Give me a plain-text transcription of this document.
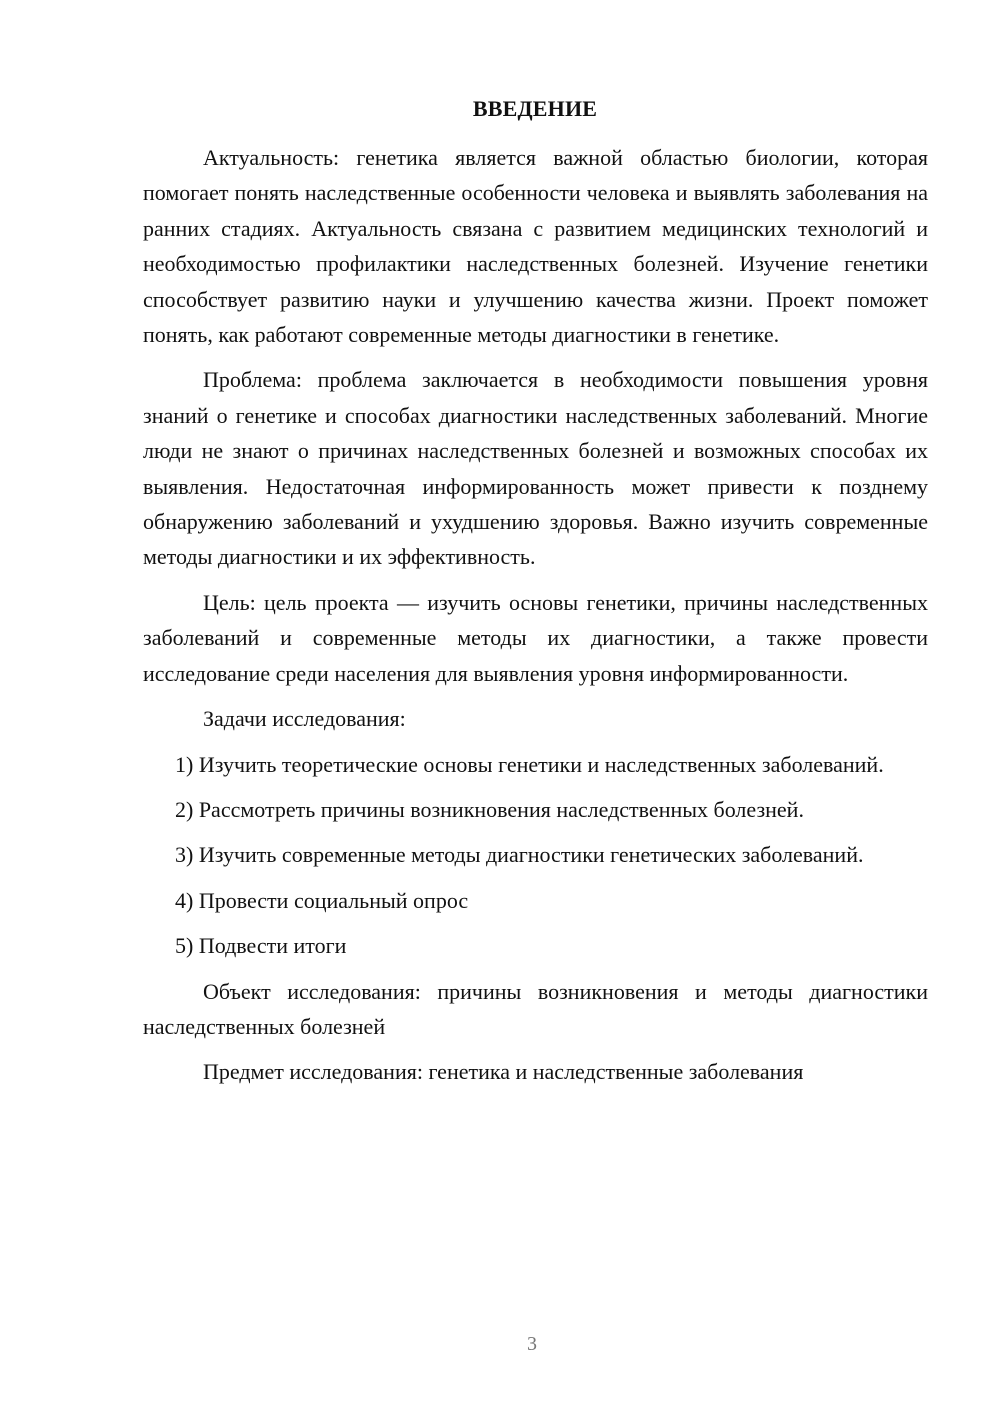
ВВЕДЕНИЕ

Актуальность: генетика является важной областью биологии, которая помогает понять наследственные особенности человека и выявлять заболевания на ранних стадиях. Актуальность связана с развитием медицинских технологий и необходимостью профилактики наследственных болезней. Изучение генетики способствует развитию науки и улучшению качества жизни. Проект поможет понять, как работают современные методы диагностики в генетике.

Проблема: проблема заключается в необходимости повышения уровня знаний о генетике и способах диагностики наследственных заболеваний. Многие люди не знают о причинах наследственных болезней и возможных способах их выявления. Недостаточная информированность может привести к позднему обнаружению заболеваний и ухудшению здоровья. Важно изучить современные методы диагностики и их эффективность.

Цель: цель проекта — изучить основы генетики, причины наследственных заболеваний и современные методы их диагностики, а также провести исследование среди населения для выявления уровня информированности.

Задачи исследования:

1) Изучить теоретические основы генетики и наследственных заболеваний.

2) Рассмотреть причины возникновения наследственных болезней.

3) Изучить современные методы диагностики генетических заболеваний.

4) Провести социальный опрос

5) Подвести итоги

Объект исследования: причины возникновения и методы диагностики наследственных болезней

Предмет исследования: генетика и наследственные заболевания

3
